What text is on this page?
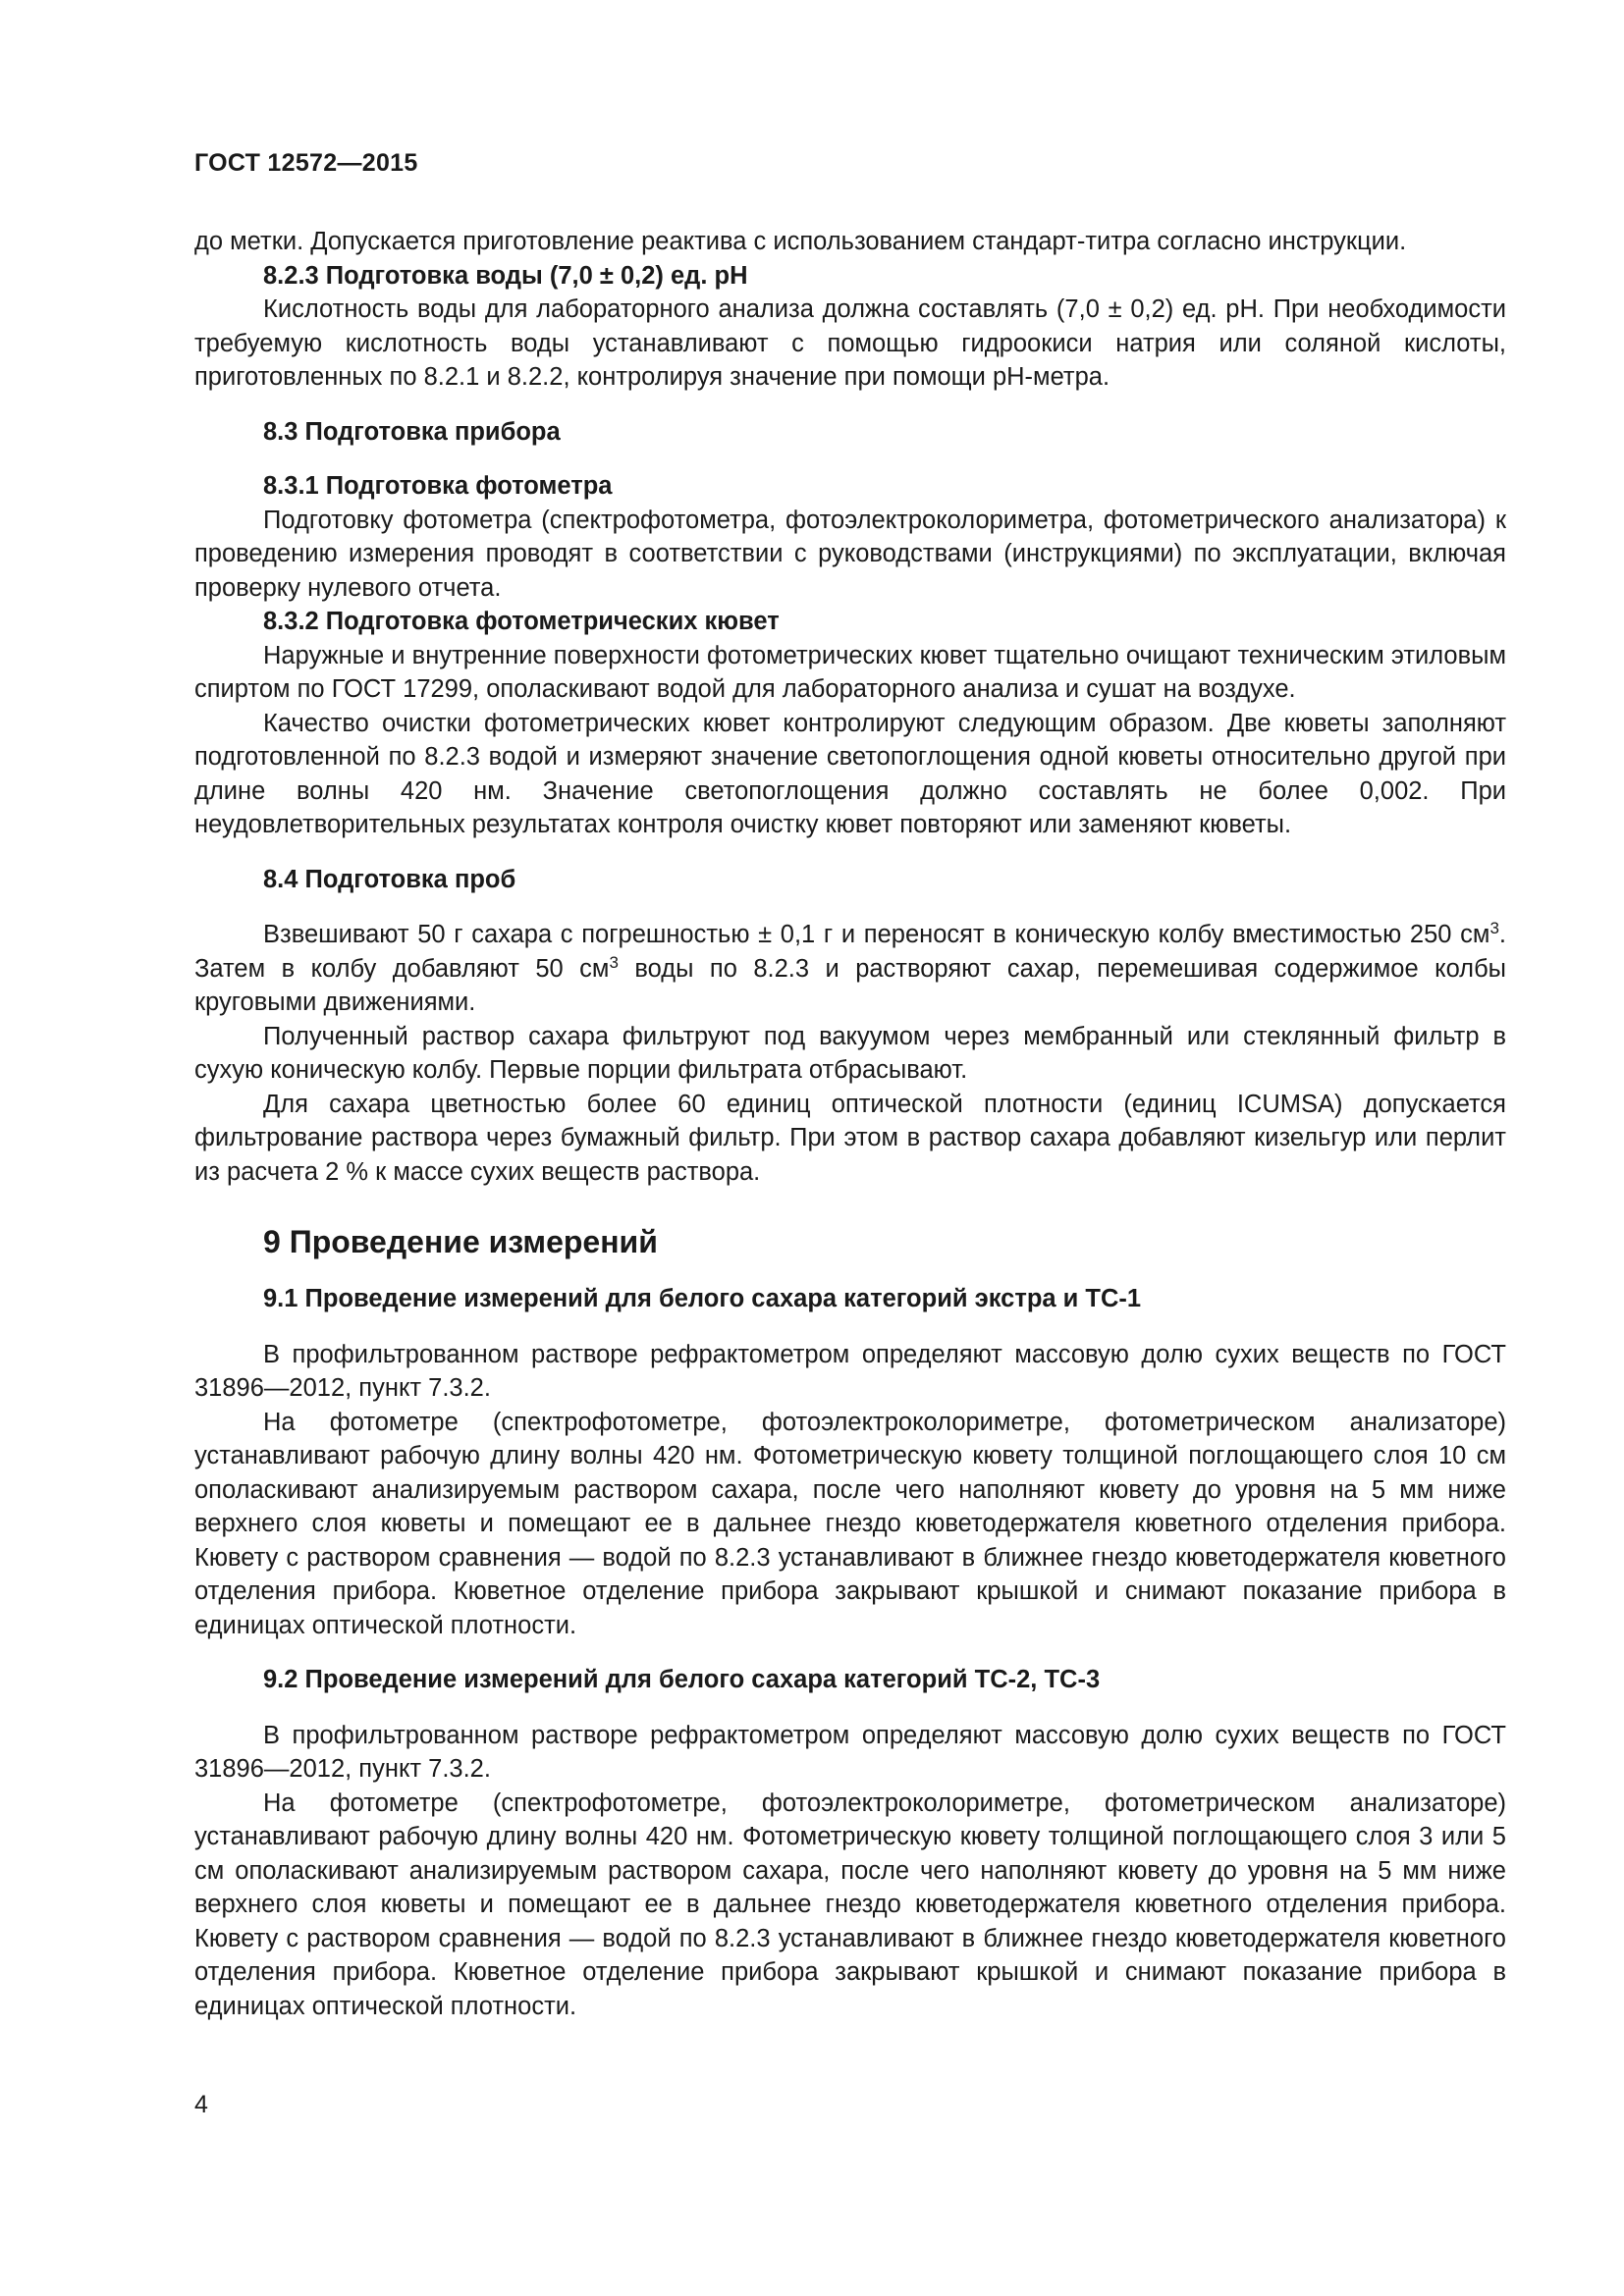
ГОСТ 12572—2015

до метки. Допускается приготовление реактива с использованием стандарт-титра согласно инструкции.

8.2.3 Подготовка воды (7,0 ± 0,2) ед. pH

Кислотность воды для лабораторного анализа должна составлять (7,0 ± 0,2) ед. pH. При необходимости требуемую кислотность воды устанавливают с помощью гидроокиси натрия или соляной кислоты, приготовленных по 8.2.1 и 8.2.2, контролируя значение при помощи pH-метра.

8.3 Подготовка прибора

8.3.1 Подготовка фотометра

Подготовку фотометра (спектрофотометра, фотоэлектроколориметра, фотометрического анализатора) к проведению измерения проводят в соответствии с руководствами (инструкциями) по эксплуатации, включая проверку нулевого отчета.

8.3.2 Подготовка фотометрических кювет

Наружные и внутренние поверхности фотометрических кювет тщательно очищают техническим этиловым спиртом по ГОСТ 17299, ополаскивают водой для лабораторного анализа и сушат на воздухе.

Качество очистки фотометрических кювет контролируют следующим образом. Две кюветы заполняют подготовленной по 8.2.3 водой и измеряют значение светопоглощения одной кюветы относительно другой при длине волны 420 нм. Значение светопоглощения должно составлять не более 0,002. При неудовлетворительных результатах контроля очистку кювет повторяют или заменяют кюветы.

8.4 Подготовка проб

Взвешивают 50 г сахара с погрешностью ± 0,1 г и переносят в коническую колбу вместимостью 250 $см^3$. Затем в колбу добавляют 50 $см^3$ воды по 8.2.3 и растворяют сахар, перемешивая содержимое колбы круговыми движениями.

Полученный раствор сахара фильтруют под вакуумом через мембранный или стеклянный фильтр в сухую коническую колбу. Первые порции фильтрата отбрасывают.

Для сахара цветностью более 60 единиц оптической плотности (единиц ICUMSA) допускается фильтрование раствора через бумажный фильтр. При этом в раствор сахара добавляют кизельгур или перлит из расчета 2 % к массе сухих веществ раствора.

9 Проведение измерений

9.1 Проведение измерений для белого сахара категорий экстра и ТС-1

В профильтрованном растворе рефрактометром определяют массовую долю сухих веществ по ГОСТ 31896—2012, пункт 7.3.2.

На фотометре (спектрофотометре, фотоэлектроколориметре, фотометрическом анализаторе) устанавливают рабочую длину волны 420 нм. Фотометрическую кювету толщиной поглощающего слоя 10 см ополаскивают анализируемым раствором сахара, после чего наполняют кювету до уровня на 5 мм ниже верхнего слоя кюветы и помещают ее в дальнее гнездо кюветодержателя кюветного отделения прибора. Кювету с раствором сравнения — водой по 8.2.3 устанавливают в ближнее гнездо кюветодержателя кюветного отделения прибора. Кюветное отделение прибора закрывают крышкой и снимают показание прибора в единицах оптической плотности.

9.2 Проведение измерений для белого сахара категорий ТС-2, ТС-3

В профильтрованном растворе рефрактометром определяют массовую долю сухих веществ по ГОСТ 31896—2012, пункт 7.3.2.

На фотометре (спектрофотометре, фотоэлектроколориметре, фотометрическом анализаторе) устанавливают рабочую длину волны 420 нм. Фотометрическую кювету толщиной поглощающего слоя 3 или 5 см ополаскивают анализируемым раствором сахара, после чего наполняют кювету до уровня на 5 мм ниже верхнего слоя кюветы и помещают ее в дальнее гнездо кюветодержателя кюветного отделения прибора. Кювету с раствором сравнения — водой по 8.2.3 устанавливают в ближнее гнездо кюветодержателя кюветного отделения прибора. Кюветное отделение прибора закрывают крышкой и снимают показание прибора в единицах оптической плотности.

4
